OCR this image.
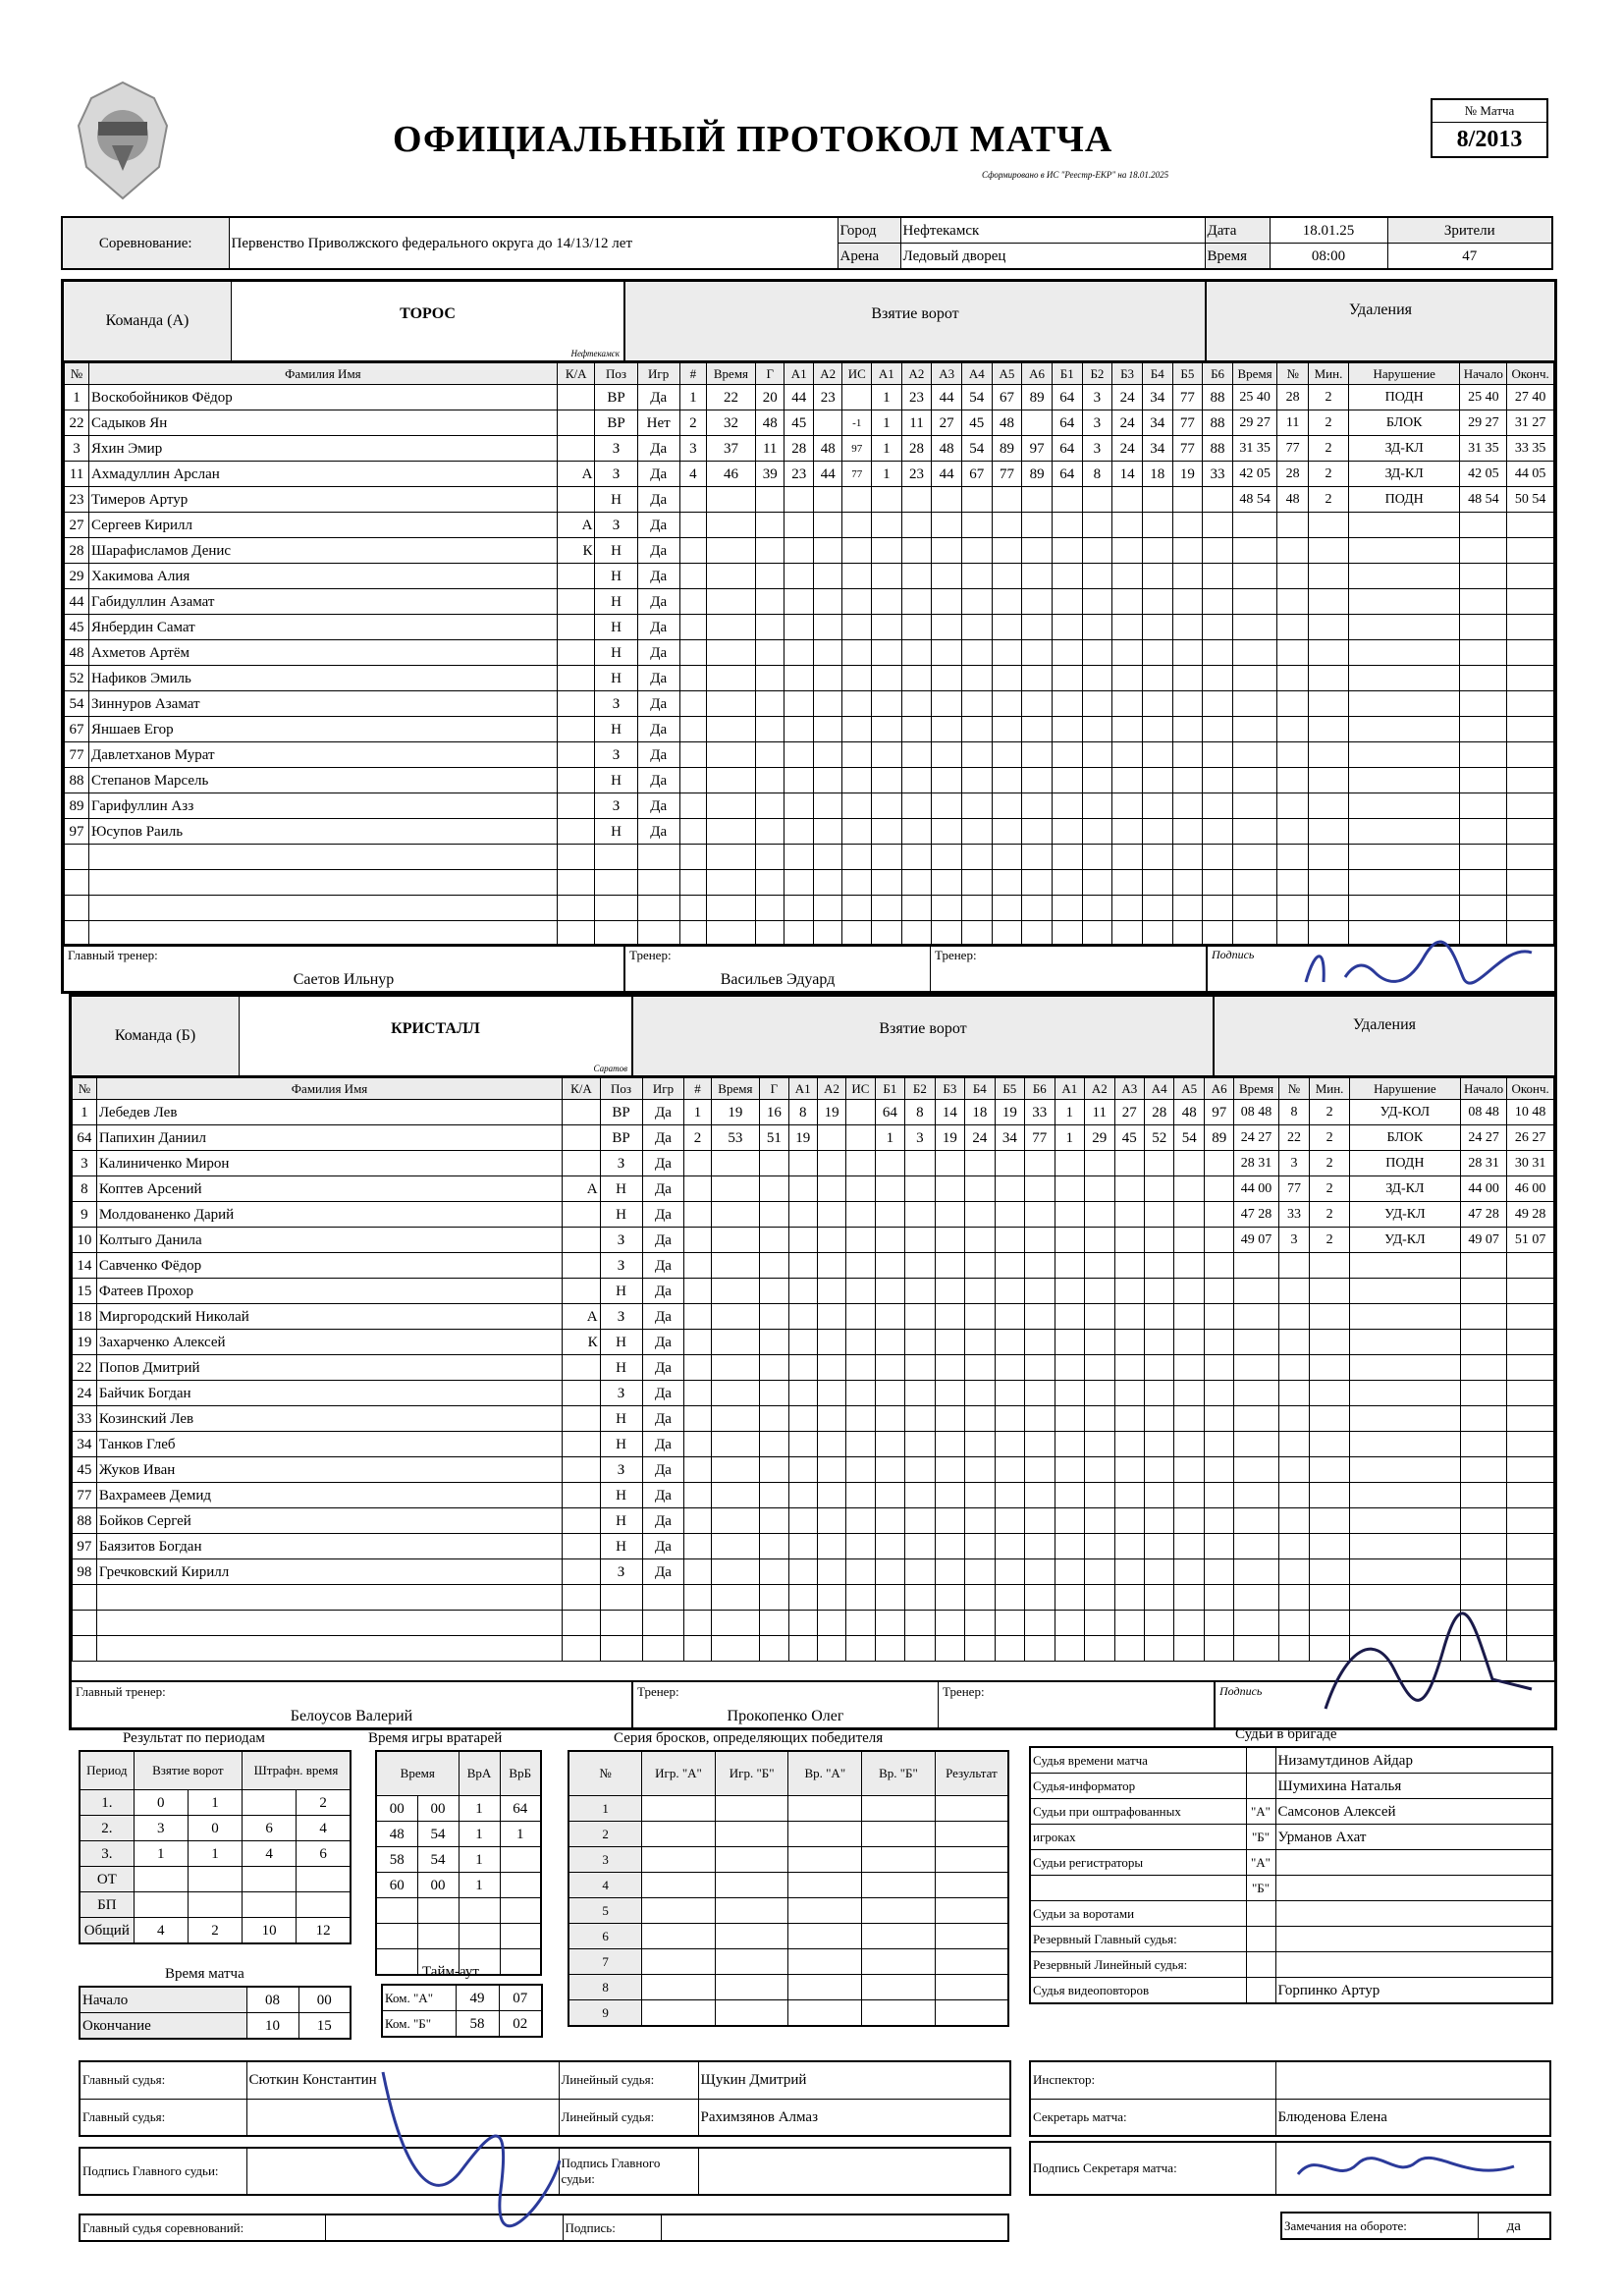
ОФИЦИАЛЬНЫЙ ПРОТОКОЛ МАТЧА
Сформировано в ИС "Реестр-ЕКР" на 18.01.2025
№ Матча
8/2013
Соревнование:	Первенство Приволжского федерального округа до 14/13/12 лет	Город	Нефтекамск	Дата	18.01.25	Зрители
		Арена	Ледовый дворец	Время	08:00	47
Команда (А)	ТОРОС
Нефтекамск
Взятие ворот	Удаления
№	Фамилия Имя	К/А	Поз	Игр	#	Время	Г	А1	А2	ИС	А1	А2	А3	А4	А5	А6	Б1	Б2	Б3	Б4	Б5	Б6	Время	№	Мин.	Нарушение	Начало	Оконч.
1	Воскобойников Фёдор		ВР	Да	1	22	20	44	23		1	23	44	54	67	89	64	3	24	34	77	88	25 40	28	2	ПОДН	25 40	27 40
22	Садыков Ян		ВР	Нет	2	32	48	45		-1	1	11	27	45	48		64	3	24	34	77	88	29 27	11	2	БЛОК	29 27	31 27
3	Яхин Эмир		З	Да	3	37	11	28	48	97	1	28	48	54	89	97	64	3	24	34	77	88	31 35	77	2	ЗД-КЛ	31 35	33 35
11	Ахмадуллин Арслан	А	З	Да	4	46	39	23	44	77	1	23	44	67	77	89	64	8	14	18	19	33	42 05	28	2	ЗД-КЛ	42 05	44 05
23	Тимеров Артур		Н	Да																			48 54	48	2	ПОДН	48 54	50 54
27	Сергеев Кирилл	А	З	Да																								
28	Шарафисламов Денис	К	Н	Да																								
29	Хакимова Алия		Н	Да																								
44	Габидуллин Азамат		Н	Да																								
45	Янбердин Самат		Н	Да																								
48	Ахметов Артём		Н	Да																								
52	Нафиков Эмиль		Н	Да																								
54	Зиннуров Азамат		З	Да																								
67	Яншаев Егор		Н	Да																								
77	Давлетханов Мурат		З	Да																								
88	Степанов Марсель		Н	Да																								
89	Гарифуллин Азз		З	Да																								
97	Юсупов Раиль		Н	Да																								

Главный тренер:
Саетов Ильнур
Тренер:
Васильев Эдуард
Тренер:	Подпись
Команда (Б)	КРИСТАЛЛ
Саратов
Взятие ворот	Удаления
№	Фамилия Имя	К/А	Поз	Игр	#	Время	Г	А1	А2	ИС	Б1	Б2	Б3	Б4	Б5	Б6	А1	А2	А3	А4	А5	А6	Время	№	Мин.	Нарушение	Начало	Оконч.
1	Лебедев Лев		ВР	Да	1	19	16	8	19		64	8	14	18	19	33	1	11	27	28	48	97	08 48	8	2	УД-КОЛ	08 48	10 48
64	Папихин Даниил		ВР	Да	2	53	51	19			1	3	19	24	34	77	1	29	45	52	54	89	24 27	22	2	БЛОК	24 27	26 27
3	Калиниченко Мирон		З	Да																			28 31	3	2	ПОДН	28 31	30 31
8	Коптев Арсений	А	Н	Да																			44 00	77	2	ЗД-КЛ	44 00	46 00
9	Молдованенко Дарий		Н	Да																			47 28	33	2	УД-КЛ	47 28	49 28
10	Колтыго Данила		З	Да																			49 07	3	2	УД-КЛ	49 07	51 07
14	Савченко Фёдор		З	Да																								
15	Фатеев Прохор		Н	Да																								
18	Миргородский Николай	А	З	Да																								
19	Захарченко Алексей	К	Н	Да																								
22	Попов Дмитрий		Н	Да																								
24	Байчик Богдан		З	Да																								
33	Козинский Лев		Н	Да																								
34	Танков Глеб		Н	Да																								
45	Жуков Иван		З	Да																								
77	Вахрамеев Демид		Н	Да																								
88	Бойков Сергей		Н	Да																								
97	Баязитов Богдан		Н	Да																								
98	Гречковский Кирилл		З	Да																								

Главный тренер:
Белоусов Валерий
Тренер:
Прокопенко Олег
Тренер:	Подпись
Результат по периодам
Период	Взятие ворот		Штрафн. время	
1.	0	1		2
2.	3	0	6	4
3.	1	1	4	6
ОТ				
БП				
Общий	4	2	10	12
Время матча
Начало	08	00
Окончание	10	15
Время игры вратарей
Время		ВрА	ВрБ
00	00	1	64
48	54	1	1
58	54	1	
60	00	1	

Тайм-аут
Ком. "А"	49	07
Ком. "Б"	58	02
Серия бросков, определяющих победителя
№	Игр. "А"	Игр. "Б"	Вр. "А"	Вр. "Б"	Результат
1					
2					
3					
4					
5					
6					
7					
8					
9					
Судьи в бригаде
Судья времени матча		Низамутдинов Айдар
Судья-информатор		Шумихина Наталья
Судьи при оштрафованных	"А"	Самсонов Алексей
игроках	"Б"	Урманов Ахат
Судьи регистраторы	"А"	
	"Б"	
Судьи за воротами		
Резервный Главный судья:		
Резервный Линейный судья:		
Судья видеоповторов		Горпинко Артур
Главный судья:	Сюткин Константин	Линейный судья:	Щукин Дмитрий
Главный судья:		Линейный судья:	Рахимзянов Алмаз
Инспектор:	
Секретарь матча:	Блюденова Елена
Подпись Главного судьи:		Подпись Главного судьи:	
Подпись Секретаря матча:	
Главный судья соревнований:		Подпись:		Замечания на обороте:	да
